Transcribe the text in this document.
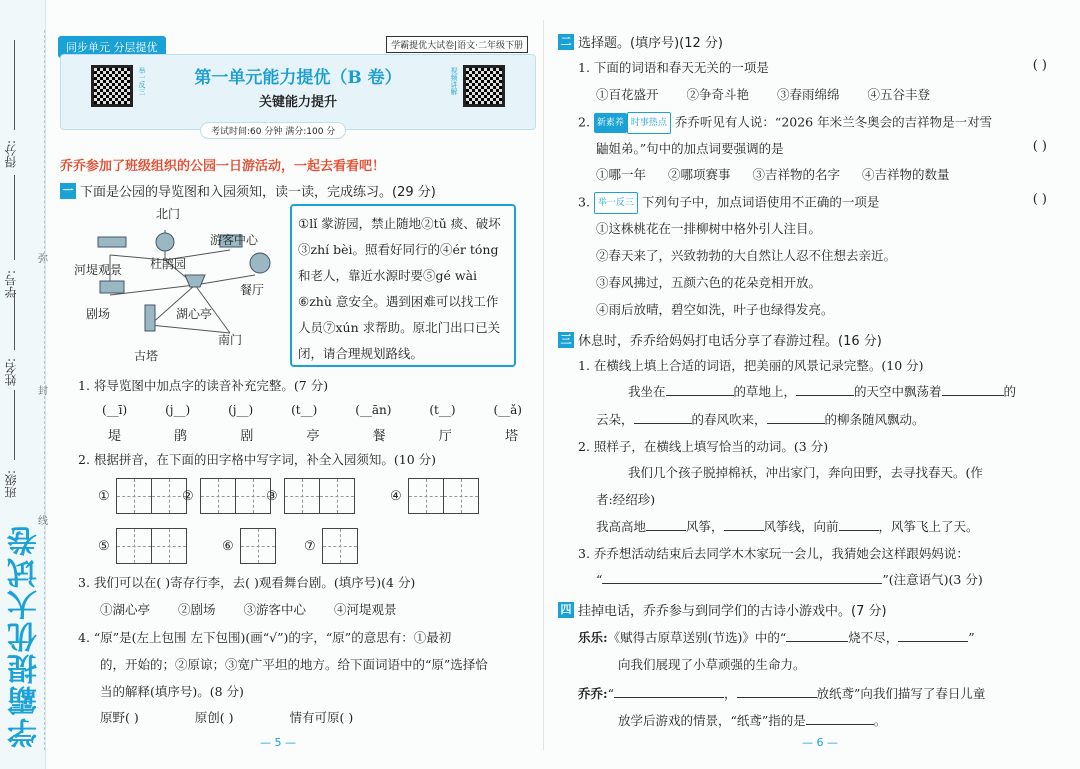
得分:
学号:
姓名:
班级:
弥
封
线
学霸提优大试卷
同步单元 分层提优	学霸提优大试卷|语文·二年级下册
举一反三	第一单元能力提优（B 卷）
关键能力提升
视频讲解
考试时间:60 分钟 满分:100 分
乔乔参加了班级组织的公园一日游活动，一起去看看吧！
一 下面是公园的导览图和入园须知，读一读，完成练习。(29 分)
北门
游客中心
河堤观景 杜鹃园
餐厅
剧场	湖心亭
南门
古塔
①lǐ 䝉游园，禁止随地②tǔ 痰、破坏③zhí bèi。照看好同行的④ér tóng 和老人，靠近水源时要⑤gé wài ⑥zhù 意安全。遇到困难可以找工作人员⑦xún 求帮助。原北门出口已关闭，请合理规划路线。
1. 将导览图中加点字的读音补充完整。(7 分)
(__ī)	(j__)	(j__)	(t__)	(__ān)	(t__)	(__ǎ)
堤	鹃	剧	亭	餐	厅	塔
2. 根据拼音，在下面的田字格中写字词，补全入园须知。(10 分)
①	②	③	④
⑤	⑥	⑦
3. 我们可以在( )寄存行李，去( )观看舞台剧。(填序号)(4 分)
①湖心亭 ②剧场 ③游客中心 ④河堤观景
4. “原”是(左上包围 左下包围)(画“√”)的字，“原”的意思有：①最初
的，开始的；②原谅；③宽广平坦的地方。给下面词语中的“原”选择恰
当的解释(填序号)。(8 分)
原野( )	原创( )	情有可原( )
— 5 —
二 选择题。(填序号)(12 分)
1. 下面的词语和春天无关的一项是	( )
①百花盛开 ②争奇斗艳 ③春雨绵绵 ④五谷丰登
2. 新素养 时事热点 乔乔听见有人说：“2026 年米兰冬奥会的吉祥物是一对雪
鼬姐弟。”句中的加点词要强调的是	( )
①哪一年 ②哪项赛事 ③吉祥物的名字 ④吉祥物的数量
3. 举一反三 下列句子中，加点词语使用不正确的一项是	( )
①这株桃花在一排柳树中格外引人注目。
②春天来了，兴致勃勃的大自然让人忍不住想去亲近。
③春风拂过，五颜六色的花朵竞相开放。
④雨后放晴，碧空如洗，叶子也绿得发亮。
三 休息时，乔乔给妈妈打电话分享了春游过程。(16 分)
1. 在横线上填上合适的词语，把美丽的风景记录完整。(10 分)
我坐在	的草地上，	的天空中飘荡着	的
云朵，	的春风吹来，	的柳条随风飘动。
2. 照样子，在横线上填写恰当的动词。(3 分)
我们几个孩子脱掉棉袄，冲出家门，奔向田野，去寻找春天。(作
者:经绍珍)
我高高地	风筝，	风筝线，向前	，风筝飞上了天。
3. 乔乔想活动结束后去同学木木家玩一会儿，我猜她会这样跟妈妈说：
“	”(注意语气)(3 分)
四 挂掉电话，乔乔参与到同学们的古诗小游戏中。(7 分)
乐乐:《赋得古原草送别(节选)》中的“	烧不尽，	”
向我们展现了小草顽强的生命力。
乔乔:“	，	放纸鸢”向我们描写了春日儿童
放学后游戏的情景，“纸鸢”指的是	。
— 6 —
